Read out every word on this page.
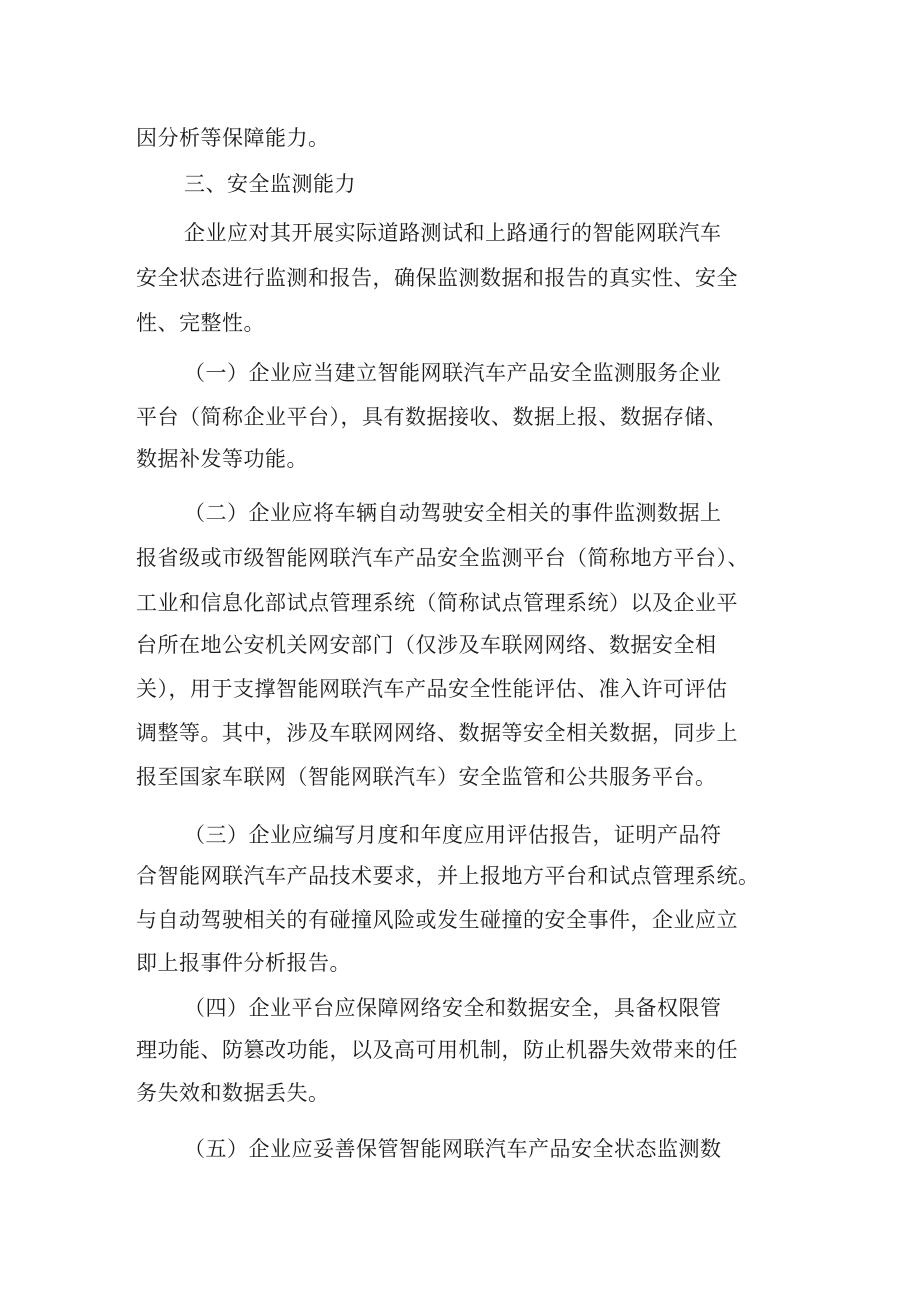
因分析等保障能力。
三、安全监测能力
企业应对其开展实际道路测试和上路通行的智能网联汽车
安全状态进行监测和报告，确保监测数据和报告的真实性、安全
性、完整性。
（一）企业应当建立智能网联汽车产品安全监测服务企业
平台（简称企业平台），具有数据接收、数据上报、数据存储、
数据补发等功能。
（二）企业应将车辆自动驾驶安全相关的事件监测数据上
报省级或市级智能网联汽车产品安全监测平台（简称地方平台）、
工业和信息化部试点管理系统（简称试点管理系统）以及企业平
台所在地公安机关网安部门（仅涉及车联网网络、数据安全相
关），用于支撑智能网联汽车产品安全性能评估、准入许可评估
调整等。其中，涉及车联网网络、数据等安全相关数据，同步上
报至国家车联网（智能网联汽车）安全监管和公共服务平台。
（三）企业应编写月度和年度应用评估报告，证明产品符
合智能网联汽车产品技术要求，并上报地方平台和试点管理系统。
与自动驾驶相关的有碰撞风险或发生碰撞的安全事件，企业应立
即上报事件分析报告。
（四）企业平台应保障网络安全和数据安全，具备权限管
理功能、防篡改功能，以及高可用机制，防止机器失效带来的任
务失效和数据丢失。
（五）企业应妥善保管智能网联汽车产品安全状态监测数
